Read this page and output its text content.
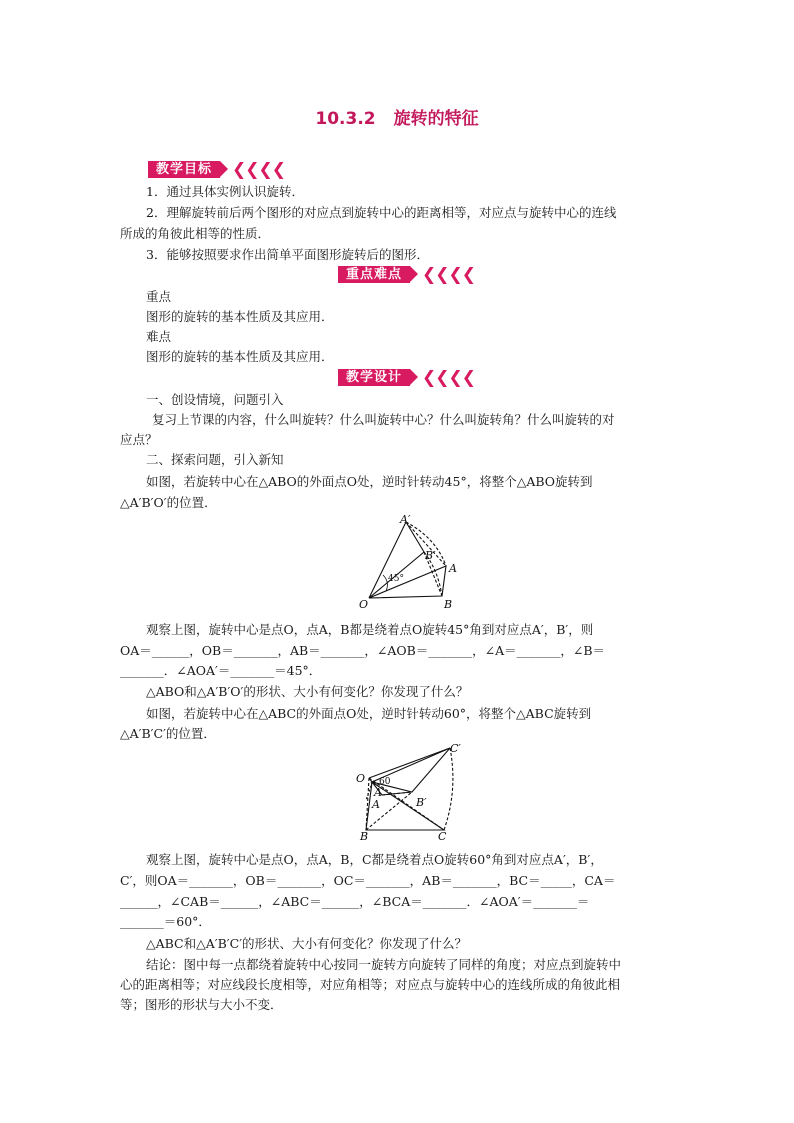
10.3.2 旋转的特征
教学目标	❮❮❮❮
1．通过具体实例认识旋转．
2．理解旋转前后两个图形的对应点到旋转中心的距离相等，对应点与旋转中心的连线
所成的角彼此相等的性质．
3．能够按照要求作出简单平面图形旋转后的图形．
重点难点	❮❮❮❮
重点
图形的旋转的基本性质及其应用．
难点
图形的旋转的基本性质及其应用．
教学设计	❮❮❮❮
一、创设情境，问题引入
复习上节课的内容，什么叫旋转？什么叫旋转中心？什么叫旋转角？什么叫旋转的对
应点？
二、探索问题，引入新知
如图，若旋转中心在△ABO的外面点O处，逆时针转动45°，将整个△ABO旋转到
△A′B′O′的位置．
O
A
B
A′
B′
45°
观察上图，旋转中心是点O，点A，B都是绕着点O旋转45°角到对应点A′，B′，则
OA＝______，OB＝_______，AB＝_______，∠AOB＝_______，∠A＝_______，∠B＝
_______．∠AOA′＝_______＝45°．
△ABO和△A′B′O′的形状、大小有何变化？你发现了什么？
如图，若旋转中心在△ABC的外面点O处，逆时针转动60°，将整个△ABC旋转到
△A′B′C′的位置．
O
A
B	C
A′
B′
C′
60
观察上图，旋转中心是点O，点A，B，C都是绕着点O旋转60°角到对应点A′，B′，
C′，则OA＝_______，OB＝_______，OC＝_______，AB＝_______，BC＝_____，CA＝
______，∠CAB＝______，∠ABC＝______，∠BCA＝_______．∠AOA′＝_______＝
_______＝60°．
△ABC和△A′B′C′的形状、大小有何变化？你发现了什么？
结论：图中每一点都绕着旋转中心按同一旋转方向旋转了同样的角度；对应点到旋转中
心的距离相等；对应线段长度相等，对应角相等；对应点与旋转中心的连线所成的角彼此相
等；图形的形状与大小不变．
